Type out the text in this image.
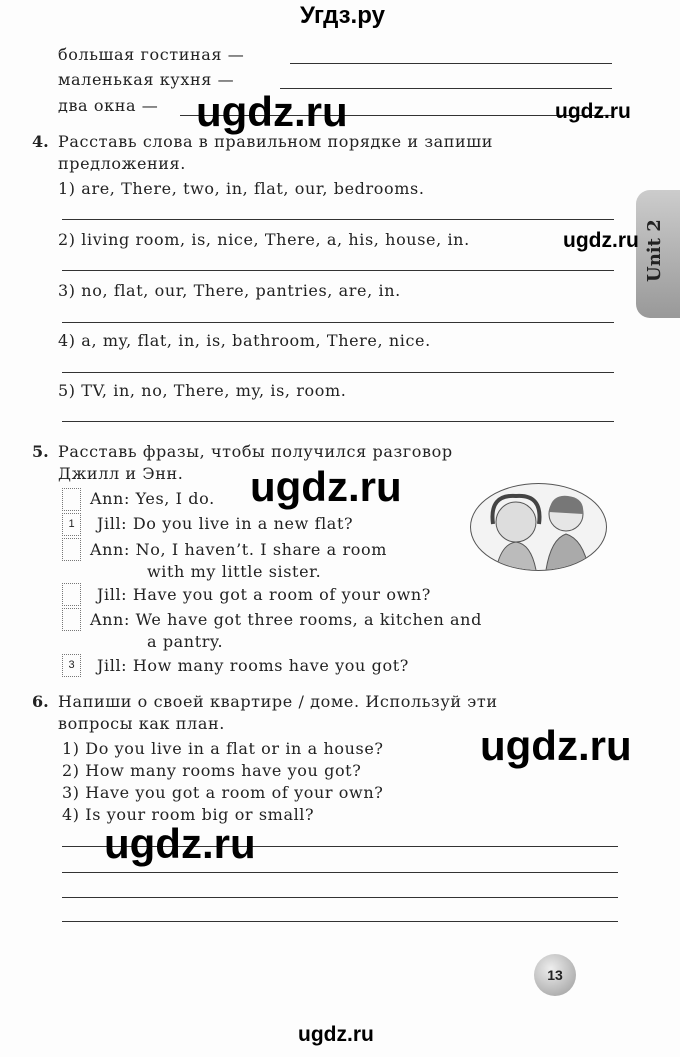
Угдз.ру
большая гостиная —
маленькая кухня —
два окна —
4. Расставь слова в правильном порядке и запиши
предложения.
1) are, There, two, in, flat, our, bedrooms.
2) living room, is, nice, There, a, his, house, in.
3) no, flat, our, There, pantries, are, in.
4) a, my, flat, in, is, bathroom, There, nice.
5) TV, in, no, There, my, is, room.
5. Расставь фразы, чтобы получился разговор
Джилл и Энн.
Ann: Yes, I do.
1	Jill: Do you live in a new flat?
Ann: No, I haven’t. I share a room
with my little sister.
Jill: Have you got a room of your own?
Ann: We have got three rooms, a kitchen and
a pantry.
3	Jill: How many rooms have you got?
6. Напиши о своей квартире / доме. Используй эти
вопросы как план.
1) Do you live in a flat or in a house?
2) How many rooms have you got?
3) Have you got a room of your own?
4) Is your room big or small?
Unit 2
13
ugdz.ru	ugdz.ru
ugdz.ru
ugdz.ru
ugdz.ru
ugdz.ru
ugdz.ru
